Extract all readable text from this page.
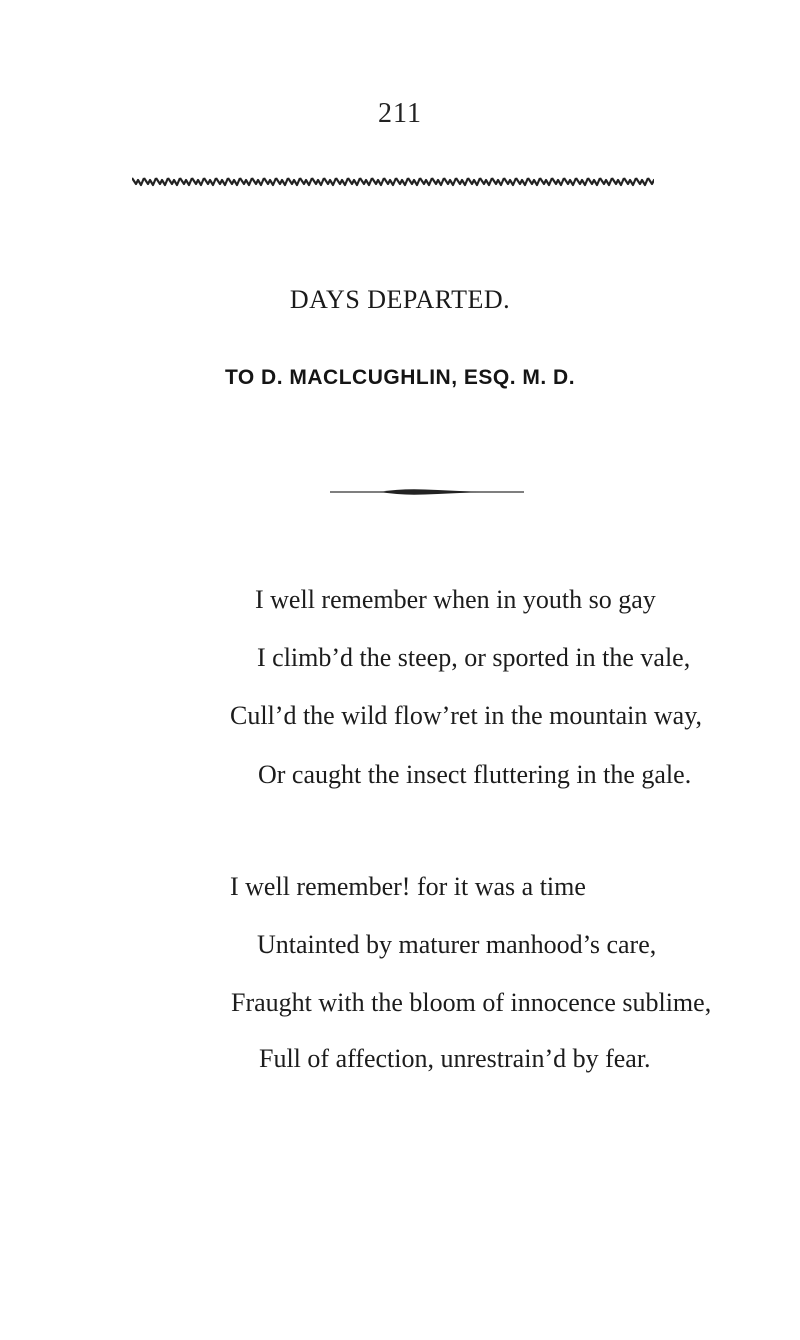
211
DAYS DEPARTED.
TO D. MACLCUGHLIN, ESQ. M. D.
I well remember when in youth so gay
I climb’d the steep, or sported in the vale,
Cull’d the wild flow’ret in the mountain way,
Or caught the insect fluttering in the gale.
I well remember! for it was a time
Untainted by maturer manhood’s care,
Fraught with the bloom of innocence sublime,
Full of affection, unrestrain’d by fear.
